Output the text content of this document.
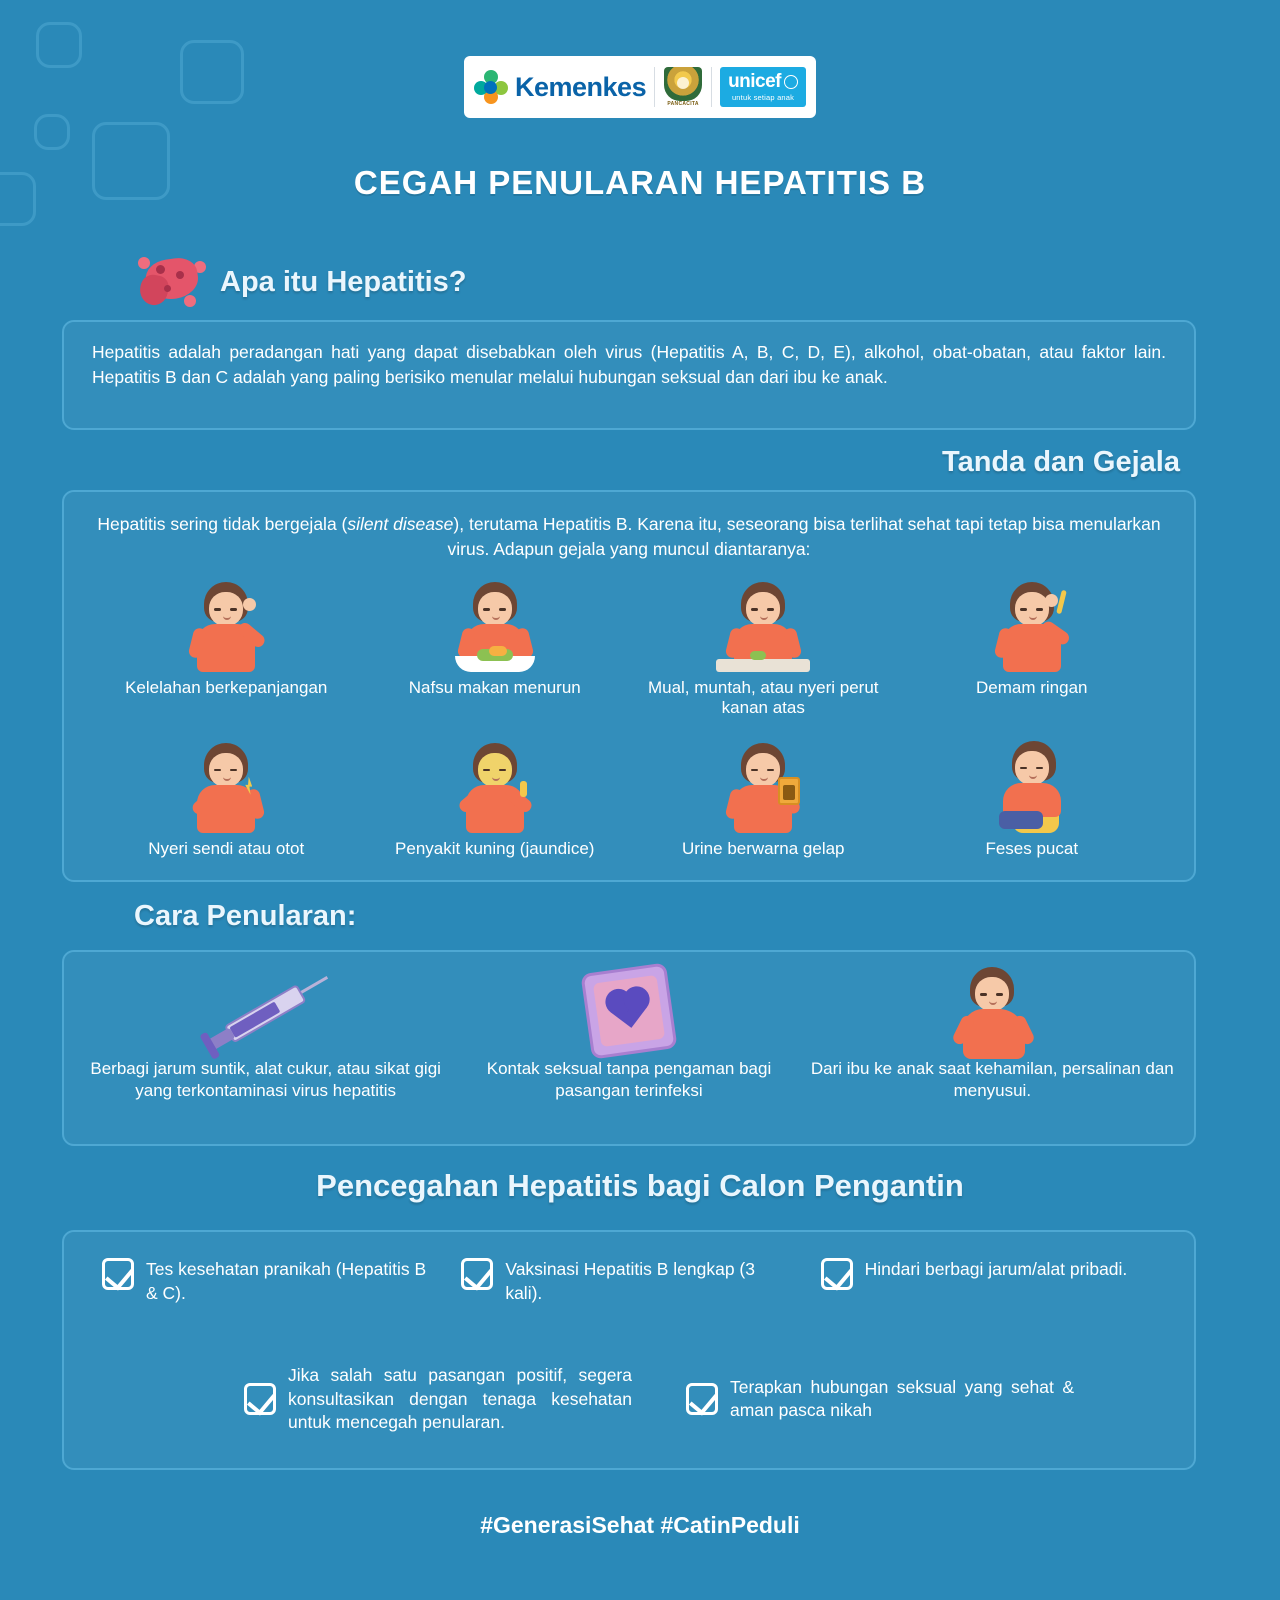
Kemenkes
PANCACITA
unicef
untuk setiap anak
CEGAH PENULARAN HEPATITIS B
Apa itu Hepatitis?
Hepatitis adalah peradangan hati yang dapat disebabkan oleh virus (Hepatitis A, B, C, D, E), alkohol, obat-obatan, atau faktor lain. Hepatitis B dan C adalah yang paling berisiko menular melalui hubungan seksual dan dari ibu ke anak.
Tanda dan Gejala
Hepatitis sering tidak bergejala (silent disease), terutama Hepatitis B. Karena itu, seseorang bisa terlihat sehat tapi tetap bisa menularkan virus. Adapun gejala yang muncul diantaranya:
Kelelahan berkepanjangan	Nafsu makan menurun	Mual, muntah, atau nyeri perut kanan atas
Demam ringan
Nyeri sendi atau otot	Penyakit kuning (jaundice)	Urine berwarna gelap	Feses pucat
Cara Penularan:
Berbagi jarum suntik, alat cukur, atau sikat gigi yang terkontaminasi virus hepatitis
Kontak seksual tanpa pengaman bagi pasangan terinfeksi
Dari ibu ke anak saat kehamilan, persalinan dan menyusui.
Pencegahan Hepatitis bagi Calon Pengantin
Tes kesehatan pranikah (Hepatitis B & C).
Vaksinasi Hepatitis B lengkap (3 kali).
Hindari berbagi jarum/alat pribadi.
Jika salah satu pasangan positif, segera konsultasikan dengan tenaga kesehatan untuk mencegah penularan.
Terapkan hubungan seksual yang sehat & aman pasca nikah
#GenerasiSehat #CatinPeduli
